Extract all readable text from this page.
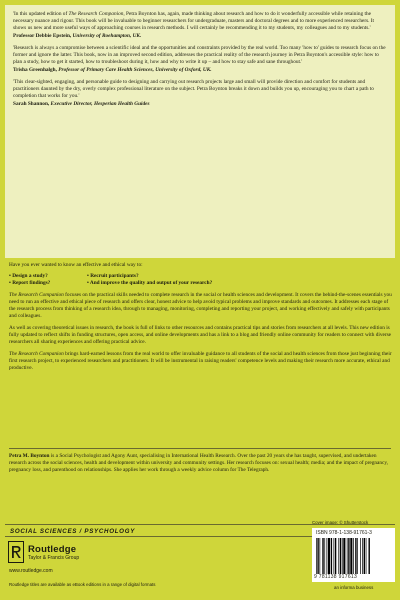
'In this updated edition of The Research Companion, Petra Boynton has, again, made thinking about research and how to do it wonderfully accessible while retaining the necessary nuance and rigour. This book will be invaluable to beginner researchers for undergraduate, masters and doctoral degrees and to more experienced researchers. It shows us new and more useful ways of approaching courses in research methods. I will certainly be recommending it to my students, my colleagues and to my students.'

Professor Debbie Epstein, University of Roehampton, UK.

'Research is always a compromise between a scientific ideal and the opportunities and constraints provided by the real world. Too many 'how to' guides to research focus on the former and ignore the latter. This book, now in an improved second edition, addresses the practical reality of the research journey in Petra Boynton's accessible style: how to plan a study, how to get it started, how to troubleshoot during it, how and why to write it up – and how to stay safe and sane throughout.'

Trisha Greenhalgh, Professor of Primary Care Health Sciences, University of Oxford, UK.

'This clear-sighted, engaging, and personable guide to designing and carrying out research projects large and small will provide direction and comfort for students and practitioners daunted by the dry, overly complex professional literature on the subject. Petra Boynton breaks it down and builds you up, encouraging you to chart a path to completion that works for you.'

Sarah Shannon, Executive Director, Hesperian Health Guides

Have you ever wanted to know an effective and ethical way to:

• Design a study?	• Recruit participants?
• Report findings?	• And improve the quality and output of your research?

The Research Companion focuses on the practical skills needed to complete research in the social or health sciences and development. It covers the behind-the-scenes essentials you need to run an effective and ethical piece of research and offers clear, honest advice to help avoid typical problems and improve standards and outcomes. It addresses each stage of the research process from thinking of a research idea, through to managing, monitoring, completing and reporting your project, and working effectively and safely with participants and colleagues.

As well as covering theoretical issues in research, the book is full of links to other resources and contains practical tips and stories from researchers at all levels. This new edition is fully updated to reflect shifts in funding structures, open access, and online developments and has a link to a blog and friendly online community for readers to connect with diverse researchers all sharing experiences and offering practical advice.

The Research Companion brings hard-earned lessons from the real world to offer invaluable guidance to all students of the social and health sciences from those just beginning their first research project, to experienced researchers and practitioners. It will be instrumental in raising readers' competence levels and making their research more accurate, ethical and productive.

Petra M. Boynton is a Social Psychologist and Agony Aunt, specialising in International Health Research. Over the past 20 years she has taught, supervised, and undertaken research across the social sciences, health and development within university and community settings. Her research focuses on: sexual health; media; and the impact of pregnancy, pregnancy loss, and parenthood on relationships. She applies her work through a weekly advice column for The Telegraph.
Cover image: © Shutterstock
SOCIAL SCIENCES / PSYCHOLOGY
Routledge
Taylor & Francis Group
www.routledge.com
Routledge titles are available as eBook editions in a range of digital formats
ISBN 978-1-138-91761-3
9 781138 917613
an informa business
